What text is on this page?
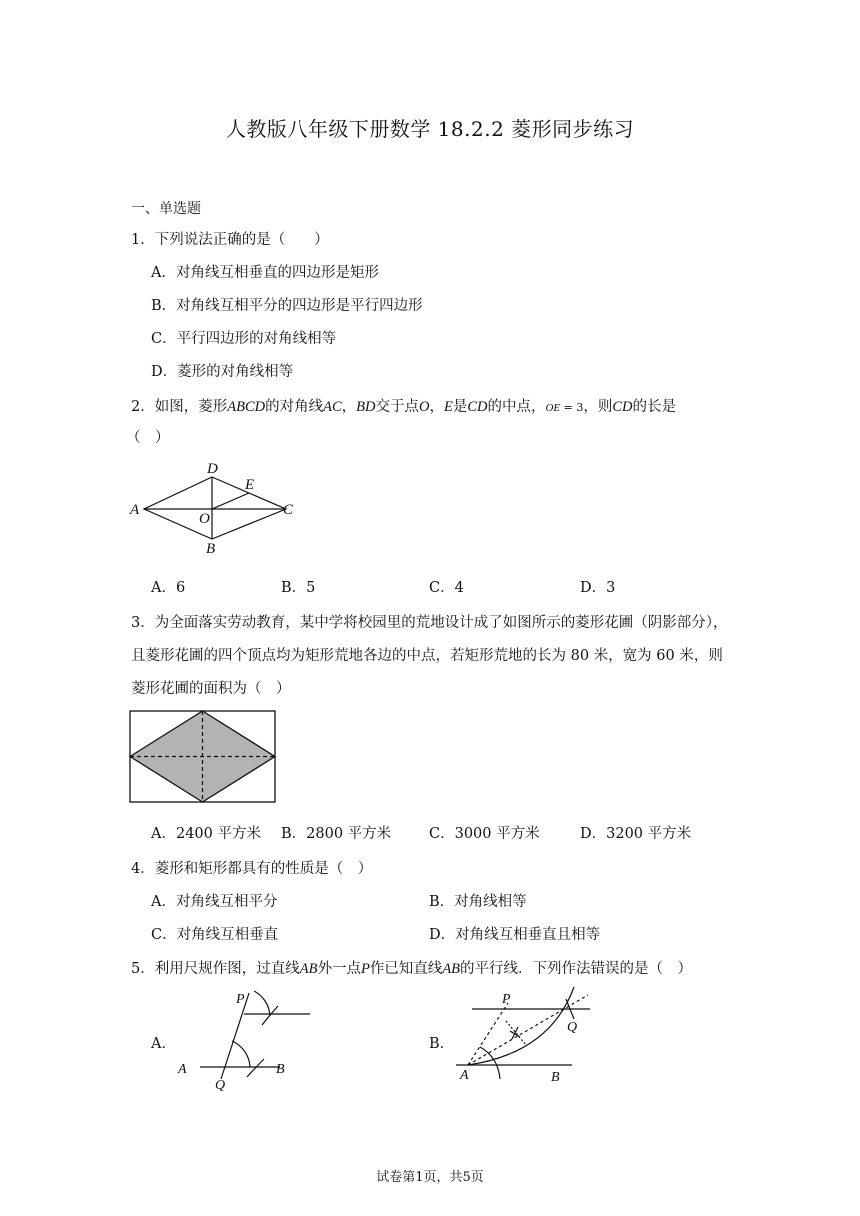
人教版八年级下册数学 18.2.2 菱形同步练习
一、单选题
1．下列说法正确的是（　　）
A．对角线互相垂直的四边形是矩形
B．对角线互相平分的四边形是平行四边形
C．平行四边形的对角线相等
D．菱形的对角线相等
2．如图，菱形ABCD的对角线AC，BD交于点O，E是CD的中点，OE = 3，则CD的长是
（　）
A
D
E
C
O
B
A．6	B．5	C．4	D．3
3．为全面落实劳动教育，某中学将校园里的荒地设计成了如图所示的菱形花圃（阴影部分），
且菱形花圃的四个顶点均为矩形荒地各边的中点，若矩形荒地的长为 80 米，宽为 60 米，则
菱形花圃的面积为（　）
A．2400 平方米 B．2800 平方米	C．3000 平方米	D．3200 平方米
4．菱形和矩形都具有的性质是（　）
A．对角线互相平分	B．对角线相等
C．对角线互相垂直	D．对角线互相垂直且相等
5．利用尺规作图，过直线AB外一点P作已知直线AB的平行线．下列作法错误的是（　）
A．
P
A
Q
B
B．
P
Q
A	B
试卷第1页，共5页
